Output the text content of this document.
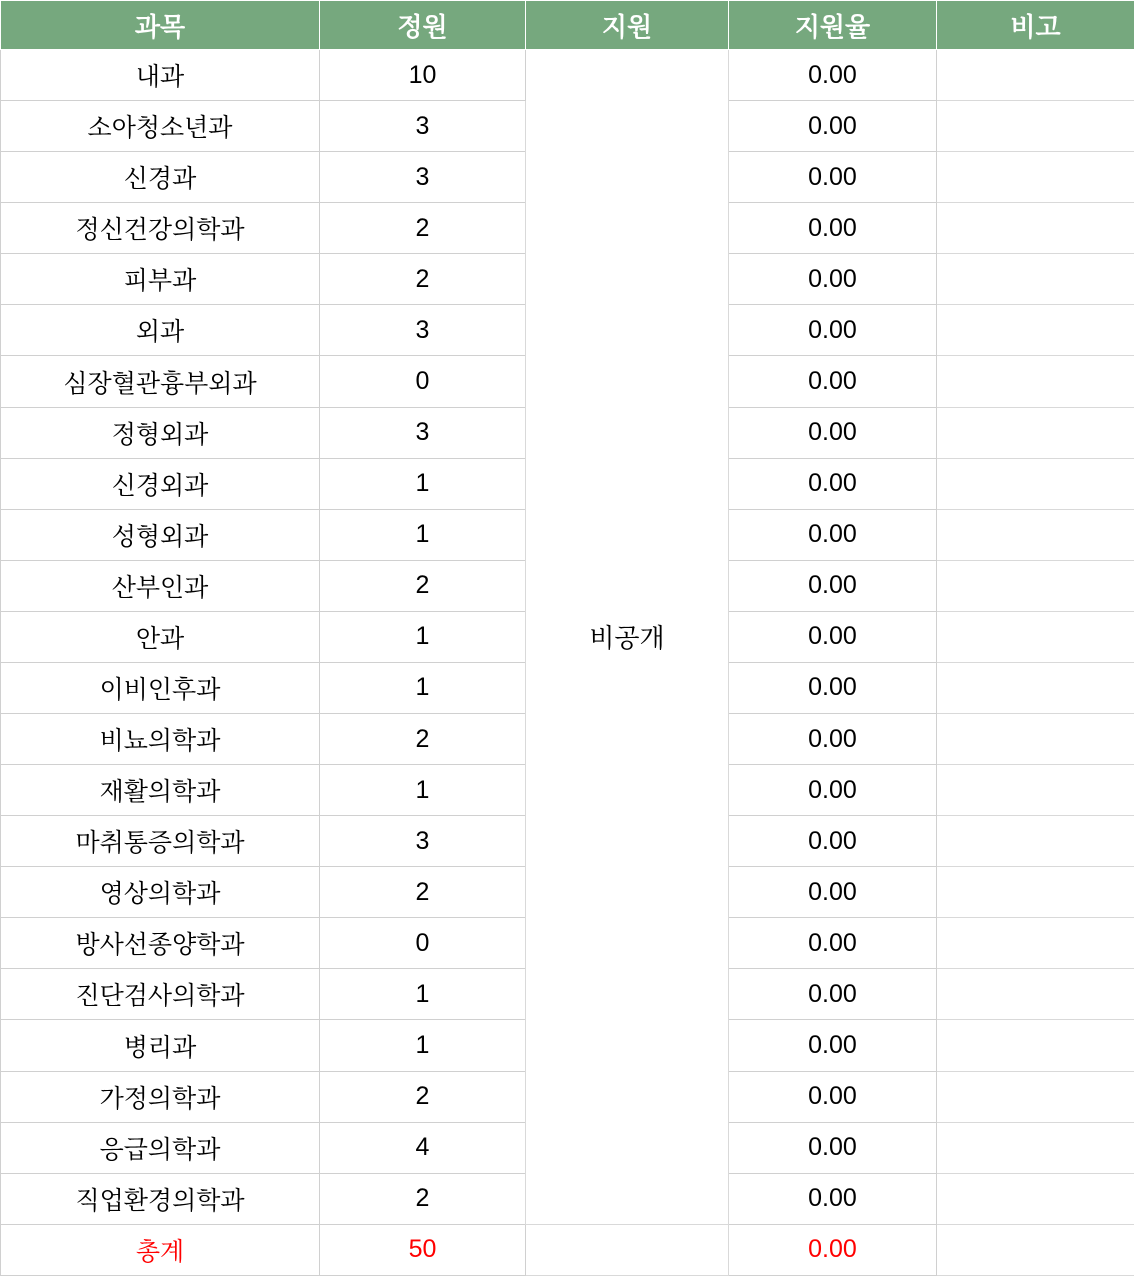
과목	정원	지원	지원율	비고
내과	10	비공개	0.00	
소아청소년과	3		0.00	
신경과	3		0.00	
정신건강의학과	2		0.00	
피부과	2		0.00	
외과	3		0.00	
심장혈관흉부외과	0		0.00	
정형외과	3		0.00	
신경외과	1		0.00	
성형외과	1		0.00	
산부인과	2		0.00	
안과	1		0.00	
이비인후과	1		0.00	
비뇨의학과	2		0.00	
재활의학과	1		0.00	
마취통증의학과	3		0.00	
영상의학과	2		0.00	
방사선종양학과	0		0.00	
진단검사의학과	1		0.00	
병리과	1		0.00	
가정의학과	2		0.00	
응급의학과	4		0.00	
직업환경의학과	2		0.00	
총계	50		0.00	
